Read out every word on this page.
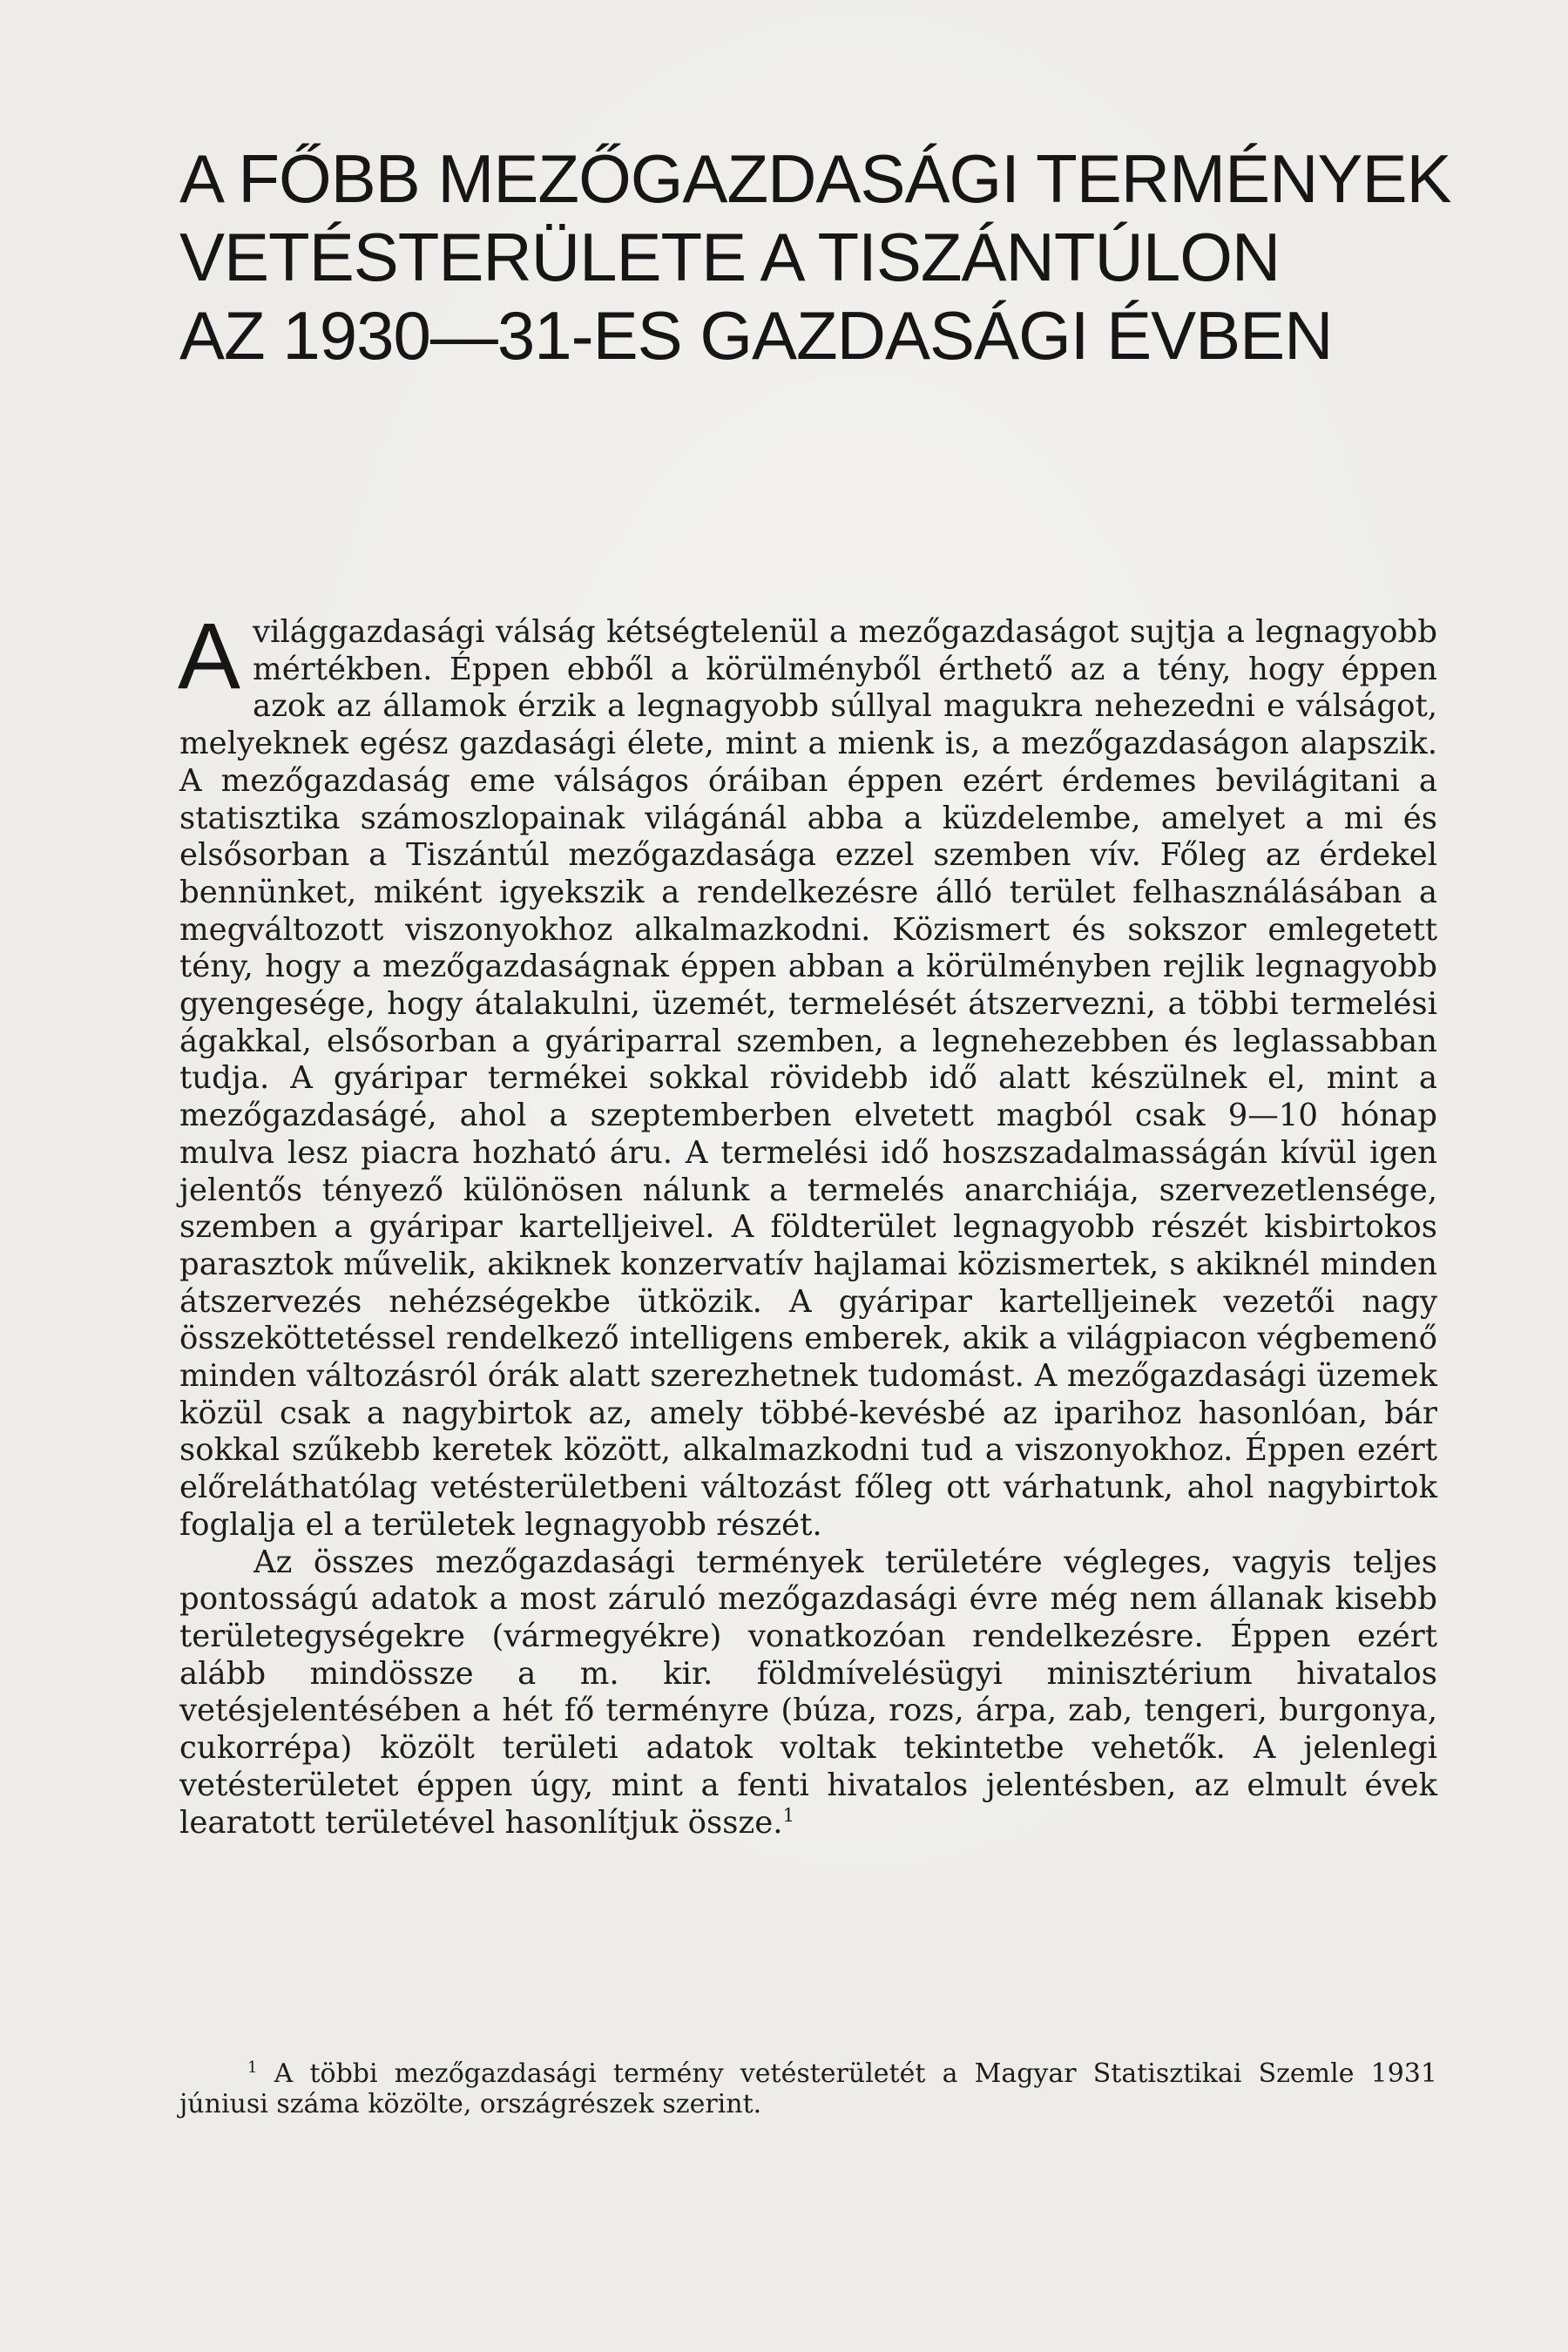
A FŐBB MEZŐGAZDASÁGI TERMÉNYEK
VETÉSTERÜLETE A TISZÁNTÚLON
AZ 1930—31-ES GAZDASÁGI ÉVBEN

Avilággazdasági válság kétségtelenül a mezőgazdaságot sujtja a legnagyobb mértékben. Éppen ebből a körülményből érthető az a tény, hogy éppen azok az államok érzik a legnagyobb súllyal magukra nehezedni e válságot, melyeknek egész gazdasági élete, mint a mienk is, a mezőgazdaságon alapszik. A mezőgazdaság eme válságos óráiban éppen ezért érdemes bevilágitani a statisztika számoszlopainak világánál abba a küzdelembe, amelyet a mi és elsősorban a Tiszántúl mezőgazdasága ezzel szemben vív. Főleg az érdekel bennünket, miként igyekszik a rendelkezésre álló terület felhasználásában a megváltozott viszonyokhoz alkalmazkodni. Közismert és sokszor emlegetett tény, hogy a mezőgazdaságnak éppen abban a körülményben rejlik legnagyobb gyengesége, hogy átalakulni, üzemét, termelését átszervezni, a többi termelési ágakkal, elsősorban a gyáriparral szemben, a legnehezebben és leglassabban tudja. A gyáripar termékei sokkal rövidebb idő alatt készülnek el, mint a mezőgazdaságé, ahol a szeptemberben elvetett magból csak 9—10 hónap mulva lesz piacra hozható áru. A termelési idő hoszszadalmasságán kívül igen jelentős tényező különösen nálunk a termelés anarchiája, szervezetlensége, szemben a gyáripar kartelljeivel. A földterület legnagyobb részét kisbirtokos parasztok művelik, akiknek konzervatív hajlamai közismertek, s akiknél minden átszervezés nehézségekbe ütközik. A gyáripar kartelljeinek vezetői nagy összeköttetéssel rendelkező intelligens emberek, akik a világpiacon végbemenő minden változásról órák alatt szerezhetnek tudomást. A mezőgazdasági üzemek közül csak a nagybirtok az, amely többé-kevésbé az iparihoz hasonlóan, bár sokkal szűkebb keretek között, alkalmazkodni tud a viszonyokhoz. Éppen ezért előreláthatólag vetésterületbeni változást főleg ott várhatunk, ahol nagybirtok foglalja el a területek legnagyobb részét.

Az összes mezőgazdasági termények területére végleges, vagyis teljes pontosságú adatok a most záruló mezőgazdasági évre még nem állanak kisebb területegységekre (vármegyékre) vonatkozóan rendelkezésre. Éppen ezért alább mindössze a m. kir. földmívelésügyi minisztérium hivatalos vetésjelentésében a hét fő terményre (búza, rozs, árpa, zab, tengeri, burgonya, cukorrépa) közölt területi adatok voltak tekintetbe vehetők. A jelenlegi vetésterületet éppen úgy, mint a fenti hivatalos jelentésben, az elmult évek learatott területével hasonlítjuk össze.$^1$

$^1$ A többi mezőgazdasági termény vetésterületét a Magyar Statisztikai Szemle 1931 júniusi száma közölte, országrészek szerint.
